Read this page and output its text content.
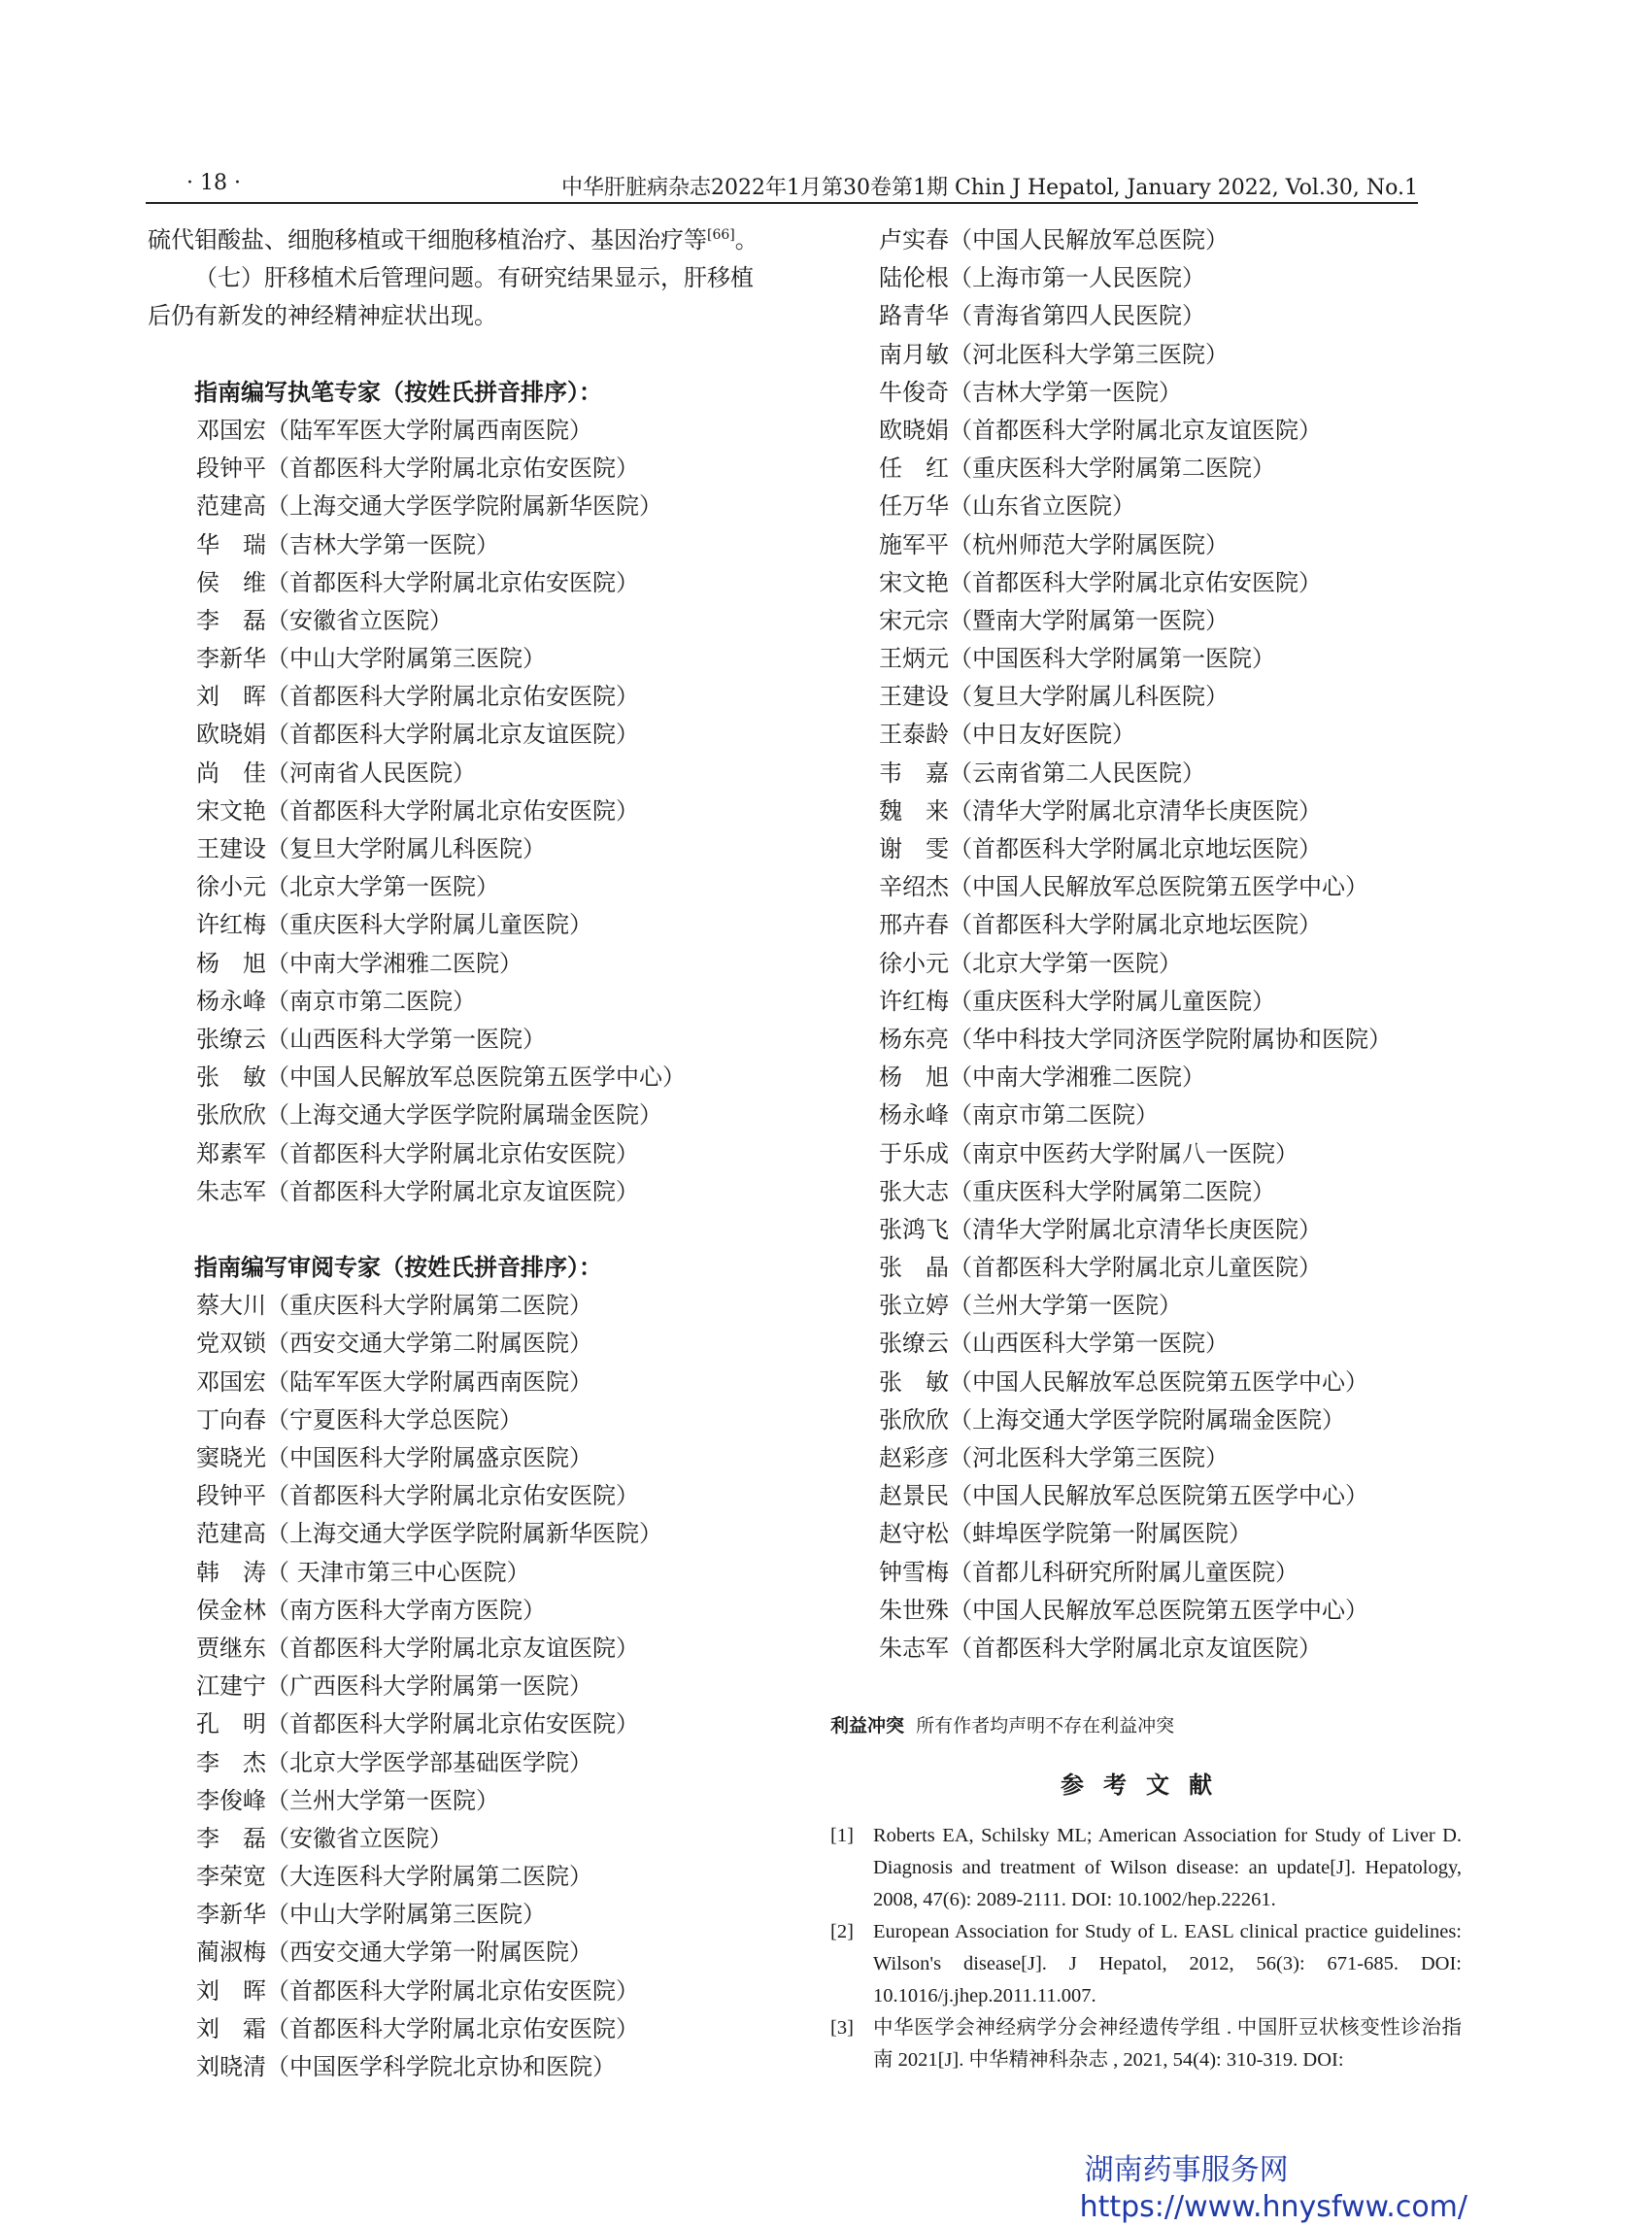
· 18 ·	中华肝脏病杂志2022年1月第30卷第1期 Chin J Hepatol, January 2022, Vol.30, No.1
硫代钼酸盐、细胞移植或干细胞移植治疗、基因治疗等[66]。
（七）肝移植术后管理问题。有研究结果显示，肝移植
后仍有新发的神经精神症状出现。
指南编写执笔专家（按姓氏拼音排序）：
邓国宏（陆军军医大学附属西南医院）
段钟平（首都医科大学附属北京佑安医院）
范建高（上海交通大学医学院附属新华医院）
华　瑞（吉林大学第一医院）
侯　维（首都医科大学附属北京佑安医院）
李　磊（安徽省立医院）
李新华（中山大学附属第三医院）
刘　晖（首都医科大学附属北京佑安医院）
欧晓娟（首都医科大学附属北京友谊医院）
尚　佳（河南省人民医院）
宋文艳（首都医科大学附属北京佑安医院）
王建设（复旦大学附属儿科医院）
徐小元（北京大学第一医院）
许红梅（重庆医科大学附属儿童医院）
杨　旭（中南大学湘雅二医院）
杨永峰（南京市第二医院）
张缭云（山西医科大学第一医院）
张　敏（中国人民解放军总医院第五医学中心）
张欣欣（上海交通大学医学院附属瑞金医院）
郑素军（首都医科大学附属北京佑安医院）
朱志军（首都医科大学附属北京友谊医院）
指南编写审阅专家（按姓氏拼音排序）：
蔡大川（重庆医科大学附属第二医院）
党双锁（西安交通大学第二附属医院）
邓国宏（陆军军医大学附属西南医院）
丁向春（宁夏医科大学总医院）
窦晓光（中国医科大学附属盛京医院）
段钟平（首都医科大学附属北京佑安医院）
范建高（上海交通大学医学院附属新华医院）
韩　涛（ 天津市第三中心医院）
侯金林（南方医科大学南方医院）
贾继东（首都医科大学附属北京友谊医院）
江建宁（广西医科大学附属第一医院）
孔　明（首都医科大学附属北京佑安医院）
李　杰（北京大学医学部基础医学院）
李俊峰（兰州大学第一医院）
李　磊（安徽省立医院）
李荣宽（大连医科大学附属第二医院）
李新华（中山大学附属第三医院）
蔺淑梅（西安交通大学第一附属医院）
刘　晖（首都医科大学附属北京佑安医院）
刘　霜（首都医科大学附属北京佑安医院）
刘晓清（中国医学科学院北京协和医院）
卢实春（中国人民解放军总医院）
陆伦根（上海市第一人民医院）
路青华（青海省第四人民医院）
南月敏（河北医科大学第三医院）
牛俊奇（吉林大学第一医院）
欧晓娟（首都医科大学附属北京友谊医院）
任　红（重庆医科大学附属第二医院）
任万华（山东省立医院）
施军平（杭州师范大学附属医院）
宋文艳（首都医科大学附属北京佑安医院）
宋元宗（暨南大学附属第一医院）
王炳元（中国医科大学附属第一医院）
王建设（复旦大学附属儿科医院）
王泰龄（中日友好医院）
韦　嘉（云南省第二人民医院）
魏　来（清华大学附属北京清华长庚医院）
谢　雯（首都医科大学附属北京地坛医院）
辛绍杰（中国人民解放军总医院第五医学中心）
邢卉春（首都医科大学附属北京地坛医院）
徐小元（北京大学第一医院）
许红梅（重庆医科大学附属儿童医院）
杨东亮（华中科技大学同济医学院附属协和医院）
杨　旭（中南大学湘雅二医院）
杨永峰（南京市第二医院）
于乐成（南京中医药大学附属八一医院）
张大志（重庆医科大学附属第二医院）
张鸿飞（清华大学附属北京清华长庚医院）
张　晶（首都医科大学附属北京儿童医院）
张立婷（兰州大学第一医院）
张缭云（山西医科大学第一医院）
张　敏（中国人民解放军总医院第五医学中心）
张欣欣（上海交通大学医学院附属瑞金医院）
赵彩彦（河北医科大学第三医院）
赵景民（中国人民解放军总医院第五医学中心）
赵守松（蚌埠医学院第一附属医院）
钟雪梅（首都儿科研究所附属儿童医院）
朱世殊（中国人民解放军总医院第五医学中心）
朱志军（首都医科大学附属北京友谊医院）
利益冲突 所有作者均声明不存在利益冲突
参考文献
[1] Roberts EA, Schilsky ML; American Association for Study of Liver D. Diagnosis and treatment of Wilson disease: an update[J]. Hepatology, 2008, 47(6): 2089-2111. DOI: 10.1002/hep.22261.
[2] European Association for Study of L. EASL clinical practice guidelines: Wilson's disease[J]. J Hepatol, 2012, 56(3): 671-685. DOI: 10.1016/j.jhep.2011.11.007.
[3] 中华医学会神经病学分会神经遗传学组 . 中国肝豆状核变性诊治指南 2021[J]. 中华精神科杂志 , 2021, 54(4): 310-319. DOI:
湖南药事服务网
https://www.hnysfww.com/
